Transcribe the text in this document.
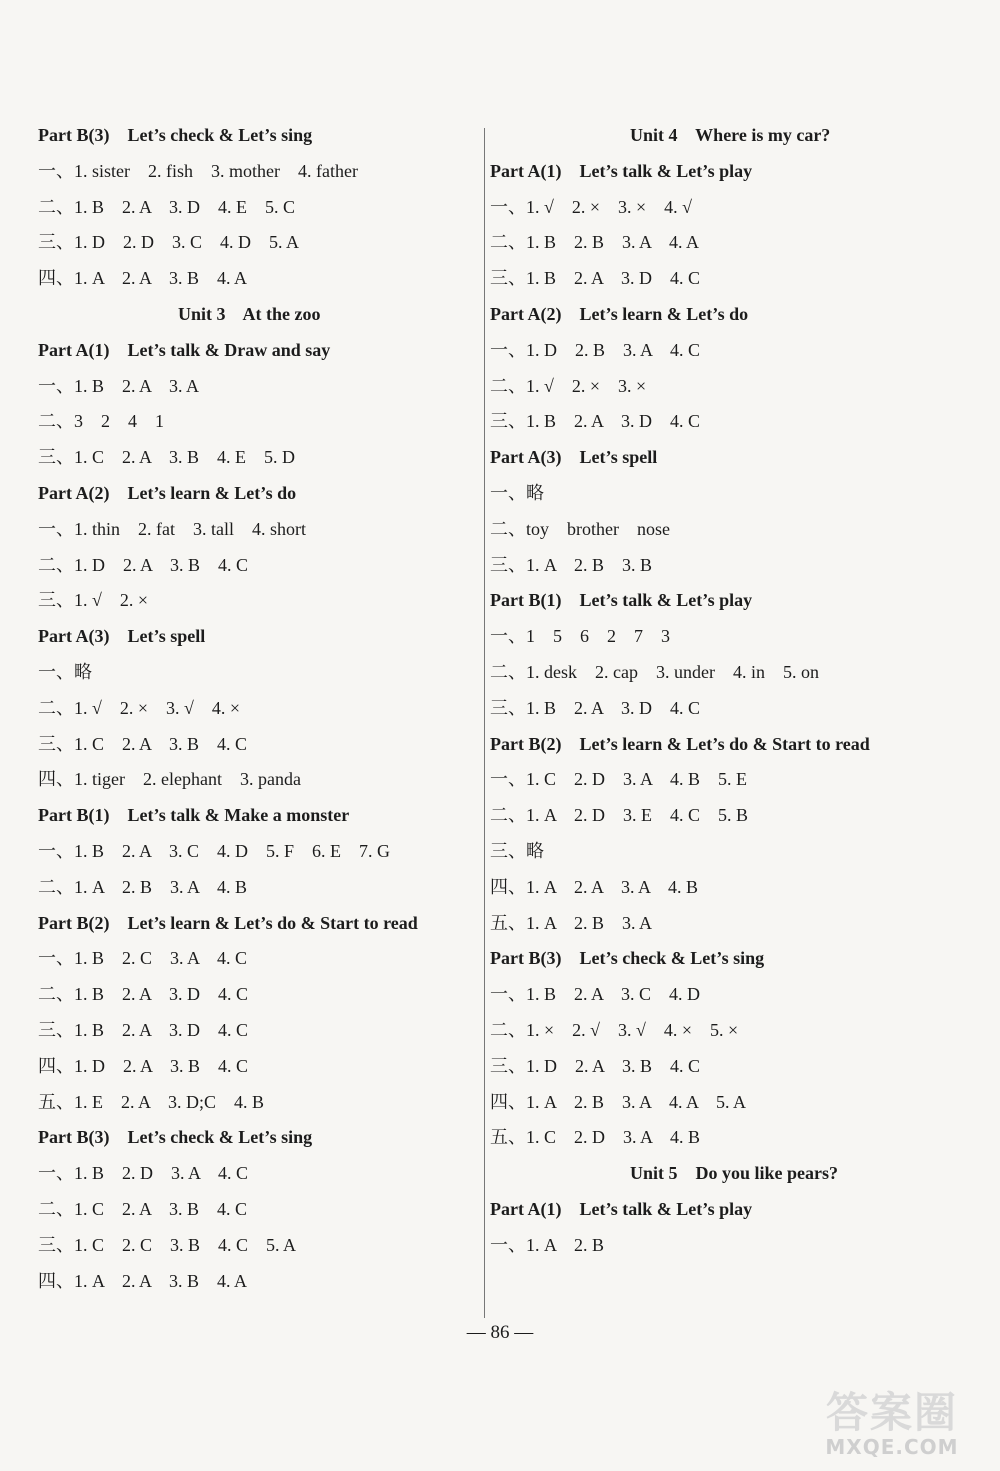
Part B(3)    Let’s check & Let’s sing
一、1. sister    2. fish    3. mother    4. father
二、1. B    2. A    3. D    4. E    5. C
三、1. D    2. D    3. C    4. D    5. A
四、1. A    2. A    3. B    4. A
Unit 3    At the zoo
Part A(1)    Let’s talk & Draw and say
一、1. B    2. A    3. A
二、3    2    4    1
三、1. C    2. A    3. B    4. E    5. D
Part A(2)    Let’s learn & Let’s do
一、1. thin    2. fat    3. tall    4. short
二、1. D    2. A    3. B    4. C
三、1. √    2. ×
Part A(3)    Let’s spell
一、略
二、1. √    2. ×    3. √    4. ×
三、1. C    2. A    3. B    4. C
四、1. tiger    2. elephant    3. panda
Part B(1)    Let’s talk & Make a monster
一、1. B    2. A    3. C    4. D    5. F    6. E    7. G
二、1. A    2. B    3. A    4. B
Part B(2)    Let’s learn & Let’s do & Start to read
一、1. B    2. C    3. A    4. C
二、1. B    2. A    3. D    4. C
三、1. B    2. A    3. D    4. C
四、1. D    2. A    3. B    4. C
五、1. E    2. A    3. D;C    4. B
Part B(3)    Let’s check & Let’s sing
一、1. B    2. D    3. A    4. C
二、1. C    2. A    3. B    4. C
三、1. C    2. C    3. B    4. C    5. A
四、1. A    2. A    3. B    4. A
Unit 4    Where is my car?
Part A(1)    Let’s talk & Let’s play
一、1. √    2. ×    3. ×    4. √
二、1. B    2. B    3. A    4. A
三、1. B    2. A    3. D    4. C
Part A(2)    Let’s learn & Let’s do
一、1. D    2. B    3. A    4. C
二、1. √    2. ×    3. ×
三、1. B    2. A    3. D    4. C
Part A(3)    Let’s spell
一、略
二、toy    brother    nose
三、1. A    2. B    3. B
Part B(1)    Let’s talk & Let’s play
一、1    5    6    2    7    3
二、1. desk    2. cap    3. under    4. in    5. on
三、1. B    2. A    3. D    4. C
Part B(2)    Let’s learn & Let’s do & Start to read
一、1. C    2. D    3. A    4. B    5. E
二、1. A    2. D    3. E    4. C    5. B
三、略
四、1. A    2. A    3. A    4. B
五、1. A    2. B    3. A
Part B(3)    Let’s check & Let’s sing
一、1. B    2. A    3. C    4. D
二、1. ×    2. √    3. √    4. ×    5. ×
三、1. D    2. A    3. B    4. C
四、1. A    2. B    3. A    4. A    5. A
五、1. C    2. D    3. A    4. B
Unit 5    Do you like pears?
Part A(1)    Let’s talk & Let’s play
一、1. A    2. B
— 86 —
答案圈
MXQE.COM
